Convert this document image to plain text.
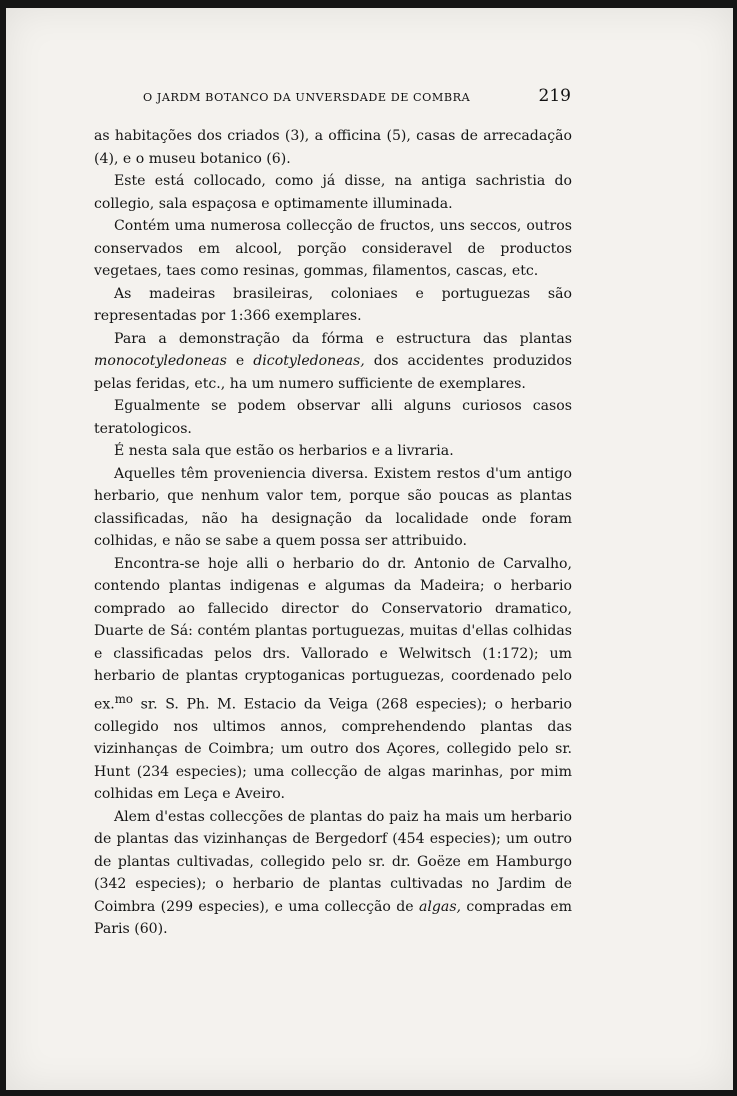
O JARDM BOTANCO DA UNVERSDADE DE COMBRA	219

as habitações dos criados (3), a officina (5), casas de arrecadação (4), e o museu botanico (6).

Este está collocado, como já disse, na antiga sachristia do collegio, sala espaçosa e optimamente illuminada.

Contém uma numerosa collecção de fructos, uns seccos, outros conservados em alcool, porção consideravel de productos vegetaes, taes como resinas, gommas, filamentos, cascas, etc.

As madeiras brasileiras, coloniaes e portuguezas são representadas por 1:366 exemplares.

Para a demonstração da fórma e estructura das plantas monocotyledoneas e dicotyledoneas, dos accidentes produzidos pelas feridas, etc., ha um numero sufficiente de exemplares.

Egualmente se podem observar alli alguns curiosos casos teratologicos.

É nesta sala que estão os herbarios e a livraria.

Aquelles têm proveniencia diversa. Existem restos d'um antigo herbario, que nenhum valor tem, porque são poucas as plantas classificadas, não ha designação da localidade onde foram colhidas, e não se sabe a quem possa ser attribuido.

Encontra-se hoje alli o herbario do dr. Antonio de Carvalho, contendo plantas indigenas e algumas da Madeira; o herbario comprado ao fallecido director do Conservatorio dramatico, Duarte de Sá: contém plantas portuguezas, muitas d'ellas colhidas e classificadas pelos drs. Vallorado e Welwitsch (1:172); um herbario de plantas cryptoganicas portuguezas, coordenado pelo ex.$^{mo}$ sr. S. Ph. M. Estacio da Veiga (268 especies); o herbario collegido nos ultimos annos, comprehendendo plantas das vizinhanças de Coimbra; um outro dos Açores, collegido pelo sr. Hunt (234 especies); uma collecção de algas marinhas, por mim colhidas em Leça e Aveiro.

Alem d'estas collecções de plantas do paiz ha mais um herbario de plantas das vizinhanças de Bergedorf (454 especies); um outro de plantas cultivadas, collegido pelo sr. dr. Goëze em Hamburgo (342 especies); o herbario de plantas cultivadas no Jardim de Coimbra (299 especies), e uma collecção de algas, compradas em Paris (60).
